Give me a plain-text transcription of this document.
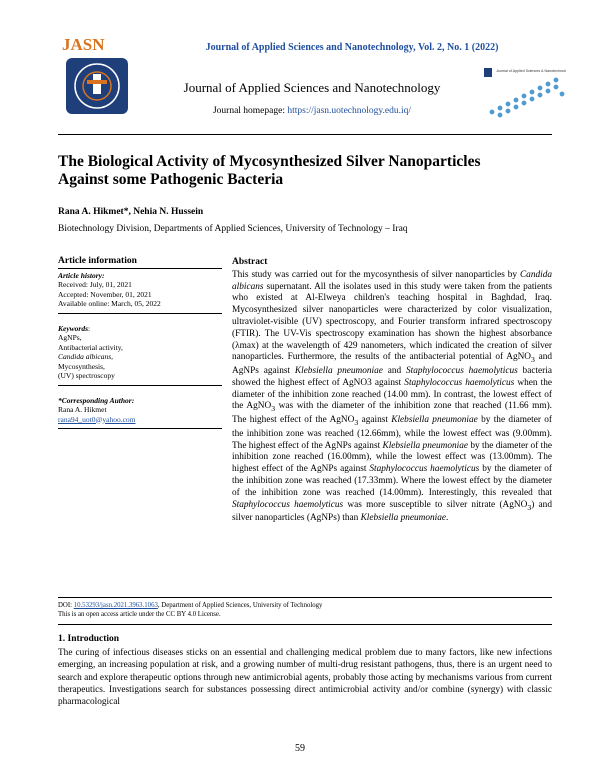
Journal of Applied Sciences and Nanotechnology, Vol. 2, No. 1 (2022)
JASN
Journal of Applied Sciences and Nanotechnology
Journal homepage: https://jasn.uotechnology.edu.iq/
Journal of Applied Sciences & Nanotechnology
The Biological Activity of Mycosynthesized Silver Nanoparticles
Against some Pathogenic Bacteria
Rana A. Hikmet*, Nehia N. Hussein
Biotechnology Division, Departments of Applied Sciences, University of Technology – Iraq
Article information
Article history:
Received: July, 01, 2021
Accepted: November, 01, 2021
Available online: March, 05, 2022
Keywords:
AgNPs,
Antibacterial activity,
Candida albicans,
Mycosynthesis,
(UV) spectroscopy
*Corresponding Author:
Rana A. Hikmet
rana94_uot0@yahoo.com
Abstract

This study was carried out for the mycosynthesis of silver nanoparticles by Candida albicans supernatant. All the isolates used in this study were taken from the patients who existed at Al-Elweya children's teaching hospital in Baghdad, Iraq. Mycosynthesized silver nanoparticles were characterized by color visualization, ultraviolet-visible (UV) spectroscopy, and Fourier transform infrared spectroscopy (FTIR). The UV-Vis spectroscopy examination has shown the highest absorbance (λmax) at the wavelength of 429 nanometers, which indicated the creation of silver nanoparticles. Furthermore, the results of the antibacterial potential of AgNO$_3$ and AgNPs against Klebsiella pneumoniae and Staphylococcus haemolyticus bacteria showed the highest effect of AgNO3 against Staphylococcus haemolyticus when the diameter of the inhibition zone reached (14.00 mm). In contrast, the lowest effect of the AgNO$_3$ was with the diameter of the inhibition zone that reached (11.66 mm). The highest effect of the AgNO$_3$ against Klebsiella pneumoniae by the diameter of the inhibition zone was reached (12.66mm), while the lowest effect was (9.00mm). The highest effect of the AgNPs against Klebsiella pneumoniae by the diameter of the inhibition zone reached (16.00mm), while the lowest effect was (13.00mm). The highest effect of the AgNPs against Staphylococcus haemolyticus by the diameter of the inhibition zone was reached (17.33mm). Where the lowest effect by the diameter of the inhibition zone was reached (14.00mm). Interestingly, this revealed that Staphylococcus haemolyticus was more susceptible to silver nitrate (AgNO$_3$) and silver nanoparticles (AgNPs) than Klebsiella pneumoniae.

DOI: 10.53293/jasn.2021.3963.1063, Department of Applied Sciences, University of Technology
This is an open access article under the CC BY 4.0 License.
1. Introduction

The curing of infectious diseases sticks on an essential and challenging medical problem due to many factors, like new infections emerging, an increasing population at risk, and a growing number of multi-drug resistant pathogens, thus, there is an urgent need to search and explore therapeutic options through new antimicrobial agents, probably those acting by mechanisms various from current therapeutics. Investigations search for substances possessing direct antimicrobial activity and/or combine (synergy) with classic pharmacological

59
